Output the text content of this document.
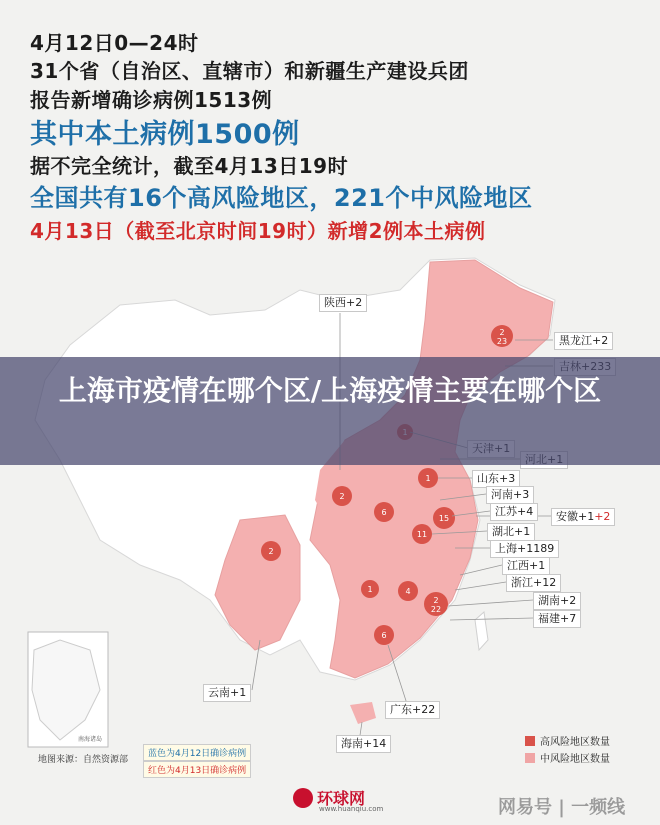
4月12日0—24时
31个省（自治区、直辖市）和新疆生产建设兵团
报告新增确诊病例1513例
其中本土病例1500例
据不完全统计，截至4月13日19时
全国共有16个高风险地区，221个中风险地区
4月13日（截至北京时间19时）新增2例本土病例
2
23
1
2
6
15
11
2
1	4
2
22
6
南海诸岛
陕西+2
黑龙江+2
山东+3
河南+3
江苏+4	安徽+1+2
湖北+1
上海+1189
江西+1
浙江+12
湖南+2
福建+7
云南+1
广东+22
海南+14	高风险地区数量
中风险地区数量
地图来源：自然资源部
蓝色为4月12日确诊病例
红色为4月13日确诊病例
上海市疫情在哪个区/上海疫情主要在哪个区
环球网
www.huanqiu.com	网易号 | 一频线
